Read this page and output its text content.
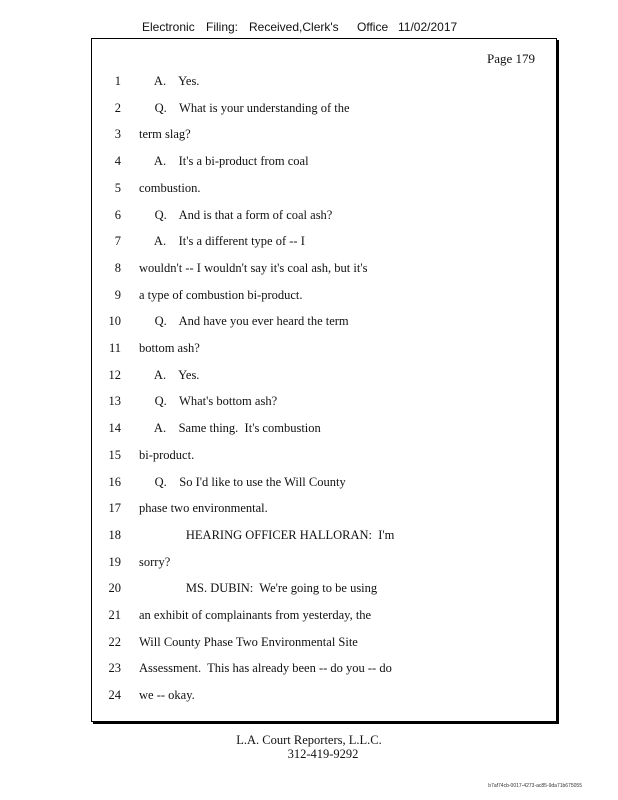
Electronic Filing: Received,Clerk's Office 11/02/2017
Page 179
1 A.    Yes.
2 Q.    What is your understanding of the
3 term slag?
4 A.    It's a bi-product from coal
5 combustion.
6 Q.    And is that a form of coal ash?
7 A.    It's a different type of -- I
8 wouldn't -- I wouldn't say it's coal ash, but it's
9 a type of combustion bi-product.
10 Q.    And have you ever heard the term
11 bottom ash?
12 A.    Yes.
13 Q.    What's bottom ash?
14 A.    Same thing.  It's combustion
15 bi-product.
16 Q.    So I'd like to use the Will County
17 phase two environmental.
18 HEARING OFFICER HALLORAN:  I'm
19 sorry?
20 MS. DUBIN:  We're going to be using
21 an exhibit of complainants from yesterday, the
22 Will County Phase Two Environmental Site
23 Assessment.  This has already been -- do you -- do
24 we -- okay.
L.A. Court Reporters, L.L.C.
312-419-9292
b7af74cb-0017-4273-ac85-9da71b675055
